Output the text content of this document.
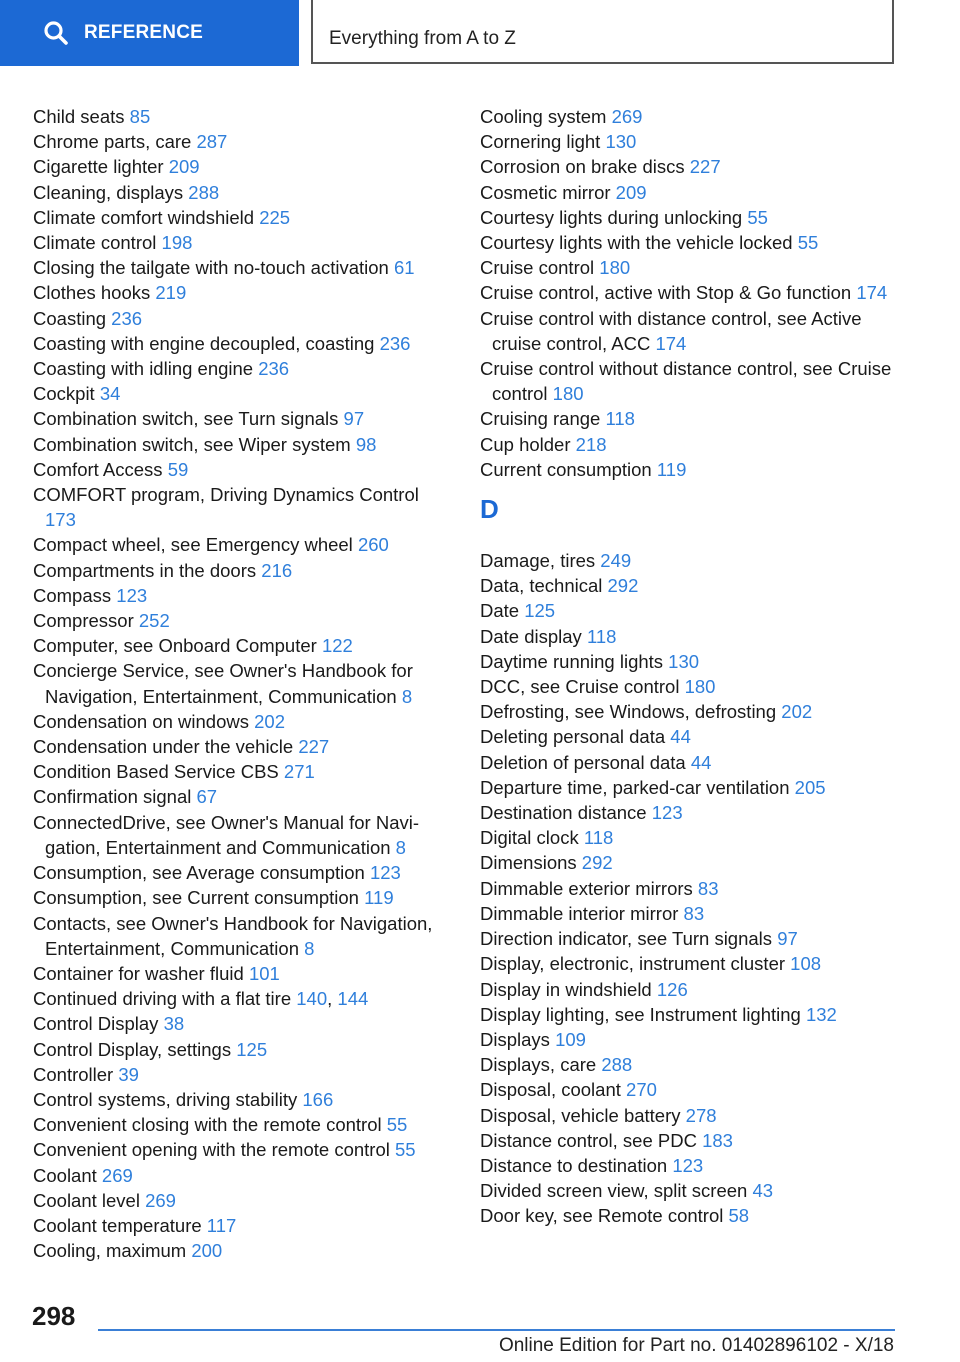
REFERENCE	Everything from A to Z
Child seats 85
Chrome parts, care 287
Cigarette lighter 209
Cleaning, displays 288
Climate comfort windshield 225
Climate control 198
Closing the tailgate with no-touch activation 61
Clothes hooks 219
Coasting 236
Coasting with engine decoupled, coasting 236
Coasting with idling engine 236
Cockpit 34
Combination switch, see Turn signals 97
Combination switch, see Wiper system 98
Comfort Access 59
COMFORT program, Driving Dynamics Control 173
Compact wheel, see Emergency wheel 260
Compartments in the doors 216
Compass 123
Compressor 252
Computer, see Onboard Computer 122
Concierge Service, see Owner's Handbook for Navigation, Entertainment, Communication 8
Condensation on windows 202
Condensation under the vehicle 227
Condition Based Service CBS 271
Confirmation signal 67
ConnectedDrive, see Owner's Manual for Navigation, Entertainment and Communication 8
Consumption, see Average consumption 123
Consumption, see Current consumption 119
Contacts, see Owner's Handbook for Navigation, Entertainment, Communication 8
Container for washer fluid 101
Continued driving with a flat tire 140, 144
Control Display 38
Control Display, settings 125
Controller 39
Control systems, driving stability 166
Convenient closing with the remote control 55
Convenient opening with the remote control 55
Coolant 269
Coolant level 269
Coolant temperature 117
Cooling, maximum 200
Cooling system 269
Cornering light 130
Corrosion on brake discs 227
Cosmetic mirror 209
Courtesy lights during unlocking 55
Courtesy lights with the vehicle locked 55
Cruise control 180
Cruise control, active with Stop & Go function 174
Cruise control with distance control, see Active cruise control, ACC 174
Cruise control without distance control, see Cruise control 180
Cruising range 118
Cup holder 218
Current consumption 119
D
Damage, tires 249
Data, technical 292
Date 125
Date display 118
Daytime running lights 130
DCC, see Cruise control 180
Defrosting, see Windows, defrosting 202
Deleting personal data 44
Deletion of personal data 44
Departure time, parked-car ventilation 205
Destination distance 123
Digital clock 118
Dimensions 292
Dimmable exterior mirrors 83
Dimmable interior mirror 83
Direction indicator, see Turn signals 97
Display, electronic, instrument cluster 108
Display in windshield 126
Display lighting, see Instrument lighting 132
Displays 109
Displays, care 288
Disposal, coolant 270
Disposal, vehicle battery 278
Distance control, see PDC 183
Distance to destination 123
Divided screen view, split screen 43
Door key, see Remote control 58
298
Online Edition for Part no. 01402896102 - X/18
